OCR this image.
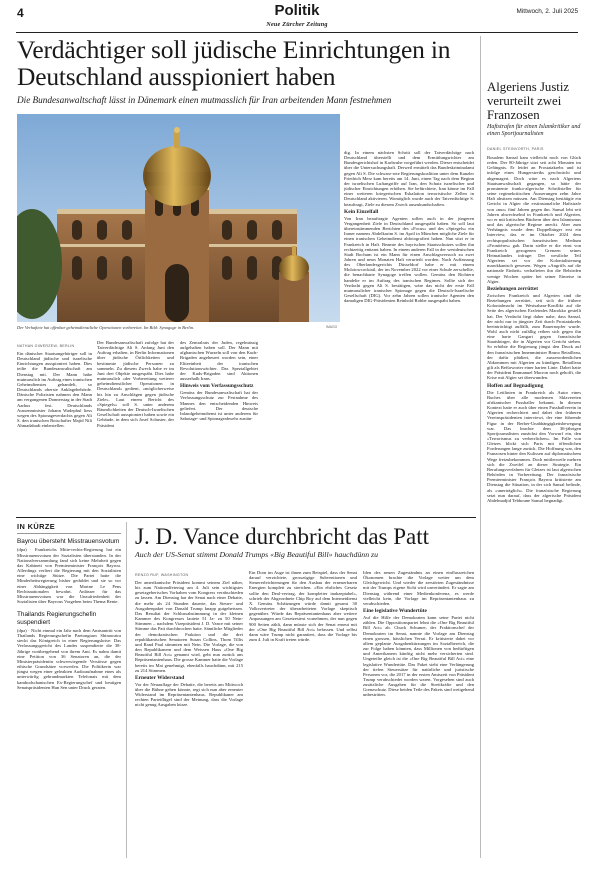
4	Politik
Neue Zürcher Zeitung
Mittwoch, 2. Juli 2025
Verdächtiger soll jüdische Einrichtungen in Deutschland ausspioniert haben
Die Bundesanwaltschaft lässt in Dänemark einen mutmasslich für Iran arbeitenden Mann festnehmen
Der Verhaftete hat offenbar geheimdienstliche Operationen vorbereitet. Im Bild: Synagoge in Berlin.	IMAGO
NATHAN GIWERZEW, BERLIN

Ein dänischer Staatsangehöriger soll in Deutschland jüdische und israelische Einrichtungen ausspioniert haben. Dies teilte die Bundesanwaltschaft am Dienstag mit. Der Mann habe mutmasslich im Auftrag eines iranischen Geheimdienstes gehandelt, so Deutschlands oberste Anklagebehörde. Dänische Polizisten nahmen den Mann am vergangenen Donnerstag in der Stadt Aarhus fest. Deutschlands Aussenminister Johann Wadephul liess wegen des Spionageverdachts gegen Ali S. den iranischen Botschafter Majid Nili Ahmadabadi einbestellen.

Der Bundesanwaltschaft zufolge hat der Tatverdächtige Ali S. Anfang Juni den Auftrag erhalten, in Berlin Informationen über jüdische Örtlichkeiten und bestimmte jüdische Personen zu sammeln. Zu diesem Zweck habe er im Juni drei Objekte ausgespäht. Dies habe mutmasslich «der Vorbereitung weiterer geheimdienstlicher Operationen in Deutschland» gedient, «möglicherweise bis hin zu Anschlägen gegen jüdische Ziele». Laut einem Bericht des «Spiegels» soll S. unter anderem Räumlichkeiten der Deutsch-Israelischen Gesellschaft ausspioniert haben sowie ein Gebäude, in dem sich Josef Schuster, der Präsident

des Zentralrats der Juden, regelmässig aufgehalten haben soll. Der Mann mit afghanischen Wurzeln soll von den Kuds-Brigaden angeheuert worden sein, einer Eliteeinheit der iranischen Revolutionswächter. Das Speziallgebiet der Kuds-Brigaden sind Aktionen ausserhalb Irans.

Hinweis vom Verfassungsschutz

Gemäss der Bundesanwaltschaft hat der Verfassungsschutz zur Festnahme des Mannes den entscheidenden Hinweis geliefert. Der deutsche Inlandgeheimdienst ist unter anderem für Sabotage- und Spionageabwehr zustän-

dig. In einem nächsten Schritt soll der Tatverdächtige nach Deutschland überstellt und dem Ermittlungsrichter am Bundesgerichtshof in Karlsruhe vorgeführt werden. Dieser entscheidet über die Untersuchungshaft. Derweil ermittelt das Bundeskriminalamt gegen Ali S. Die schwarz-rote Regierungskoalition unter dem Kanzler Friedrich Merz kam bereits am 14. Juni, einen Tag nach dem Beginn der israelischen Luftangriffe auf Iran, den Schutz israelischer und jüdischer Einrichtungen erhöhen. Sie befürchtete, Iran könne im Fall einer weiteren kriegerischen Eskalation terroristische Zellen in Deutschland aktivieren. Womöglich wurde auch der Tatverdächtige S. beauftragt, Ziele zu diesem Zweck auszukundschaften.

Kein Einzelfall

Von Iran beauftragte Agenten sollen auch in der jüngeren Vergangenheit Ziele in Deutschland ausgespäht haben. So soll laut übereinstimmenden Berichten des «Focus» und des «Spiegels» ein Iraner namens Abdelkarim S. im April in München mögliche Ziele für einen iranischen Geheimdienst abfotografiert haben. Nun sitzt er in Frankreich in Haft. Beamte des bayrischen Staatsschutzes sollen ihn rechtzeitig enttarnt haben. In einem anderen Fall in der westdeutschen Stadt Bochum ist ein Mann für einen Anschlagsversuch zu zwei Jahren und neun Monaten Haft verurteilt worden. Nach Auffassung des Oberlandesgerichts Düsseldorf habe er mit einem Molotowcocktail, der im November 2022 vor einer Schule zerschellte, die benachbarte Synagoge treffen wollen. Gemäss den Richtern handelte er im Auftrag des iranischen Regimes. Sollte sich der Verdacht gegen Ali S. bestätigen, wäre das nicht der erste Fall mutmasslicher iranischer Spionage gegen die Deutsch-Israelische Gesellschaft (DIG). Vor zehn Jahren sollen iranische Agenten den damaligen DIG-Präsidenten Reinhold Robbe ausgespäht haben.

Algeriens Justiz verurteilt zwei Franzosen
Haftstrafen für einen Islamkritiker und einen Sportjournalisten
DANIEL STEINVORTH, PARIS

Boualem Sansal kam vielleicht noch von Glück reden. Der 80-Jährige sitzt seit acht Monaten im Gefängnis. Er leidet an Prostatakrebs und ist infolge eines Hungerstreiks geschwächt und abgemagert. Doch wäre es nach Algeriens Staatsanwaltschaft gegangen, so hätte der prominente franko-algerische Schriftsteller für seine regimekritischen Äusserungen zehn Jahre Haft absitzen müssen. Am Dienstag bestätigte ein Gericht in Algier die erstinstanzliche Haftstrafe von «nur» fünf Jahren gegen ihn. Sansal lebt seit Jahren abwechselnd in Frankreich und Algerien, wo er mit kritischen Büchern über den Islamismus und das algerische Regime aneckt. Aber zum Verhängnis wurde dem Doppelbürger erst ein Interview, das er im Oktober 2024 dem rechtspopulistischen französischen Medium «Frontières» gab. Darin stellte er die einst von Frankreich gezogenen Grenzen seines Heimatlandes infrage: Der westliche Teil Algeriens sei vor der Kolonialisierung marokkanisch gewesen. Wegen «Angriffs auf die nationale Einheit» verhafteten ihn die Behörden wenige Wochen später bei seiner Einreise in Algier.

Beziehungen zerrüttet

Zwischen Frankreich und Algerien sind die Beziehungen zerrüttet, seit sich die frühere Kolonialmacht im Westsahara-Konflikt auf die Seite des algerischen Erzfeindes Marokko gestellt hat. Der Verdacht liegt daher nahe, dass Sansal, der nicht nur in jüngster Zeit durch Prostatakrebs beeinträchtigt auffällt, zum Bauernopfer wurde. Wohl auch nicht zufällig reihen sich gegen ihn eine harte Gangart gegen französische Staatsbürger, die in Algerien vor Gericht stehen. So erhöhte die Regierung jüngst den Druck auf den französischen Innenminister Bruno Retailleau, der dafür plädiert, die ausserordentlichen Abkommen mit Algerien zu kündigen. Retailleau gilt als Befürworter einer harten Linie. Dabei hatte der Präsident Emmanuel Macron noch gehofft, die Krise mit Algier sei überwunden.

Hoffen auf Begnadigung

Die Leitlinien in Frankreich als Autor eines Buches über alle modernen Sklavereien afrikanischer Fussballer bekannt. In diesem Kontext hatte er auch über einen Fussballverein in Algerien recherchiert und dabei den früheren Vereinspräsidenten interviewt, der eine führende Figur in der Berber-Unabhängigkeitsbewegung war. Das brachte dem 36-jährigen Sportjournalisten zunächst den Vorwurf ein, den «Terrorismus zu verherrlichen». Im Falle von Gleizes blickt sich Paris mit öffentlichen Forderungen lange zurück. Die Hoffnung war, den Franzosen hinter den Kulissen auf diplomatischem Wege freizubekommen. Doch mittlerweile mehren sich die Zweifel an dieser Strategie. Ein Berufungsverfahren für Gleizes ist laut algerischen Behörden in Vorbereitung. Der französische Premierminister François Bayrou kritisierte am Dienstag die Situation, in der sich Sansal befinde, als «unerträglich». Die französische Regierung setzt nun darauf, dass der algerische Präsident Abdelmadjid Tebboune Sansal begnadigt.

IN KÜRZE
Bayrou übersteht Misstrauensvotum
(dpa) · Frankreichs Mitte-rechts-Regierung hat ein Misstrauensvotum der Sozialisten überstanden. In der Nationalversammlung fand sich keine Mehrheit gegen das Kabinett von Premierminister François Bayrou. Allerdings verliert die Regierung mit den Sozialisten eine wichtige Stütze. Die Partei hatte die Minderheitsregierung bisher geduldet und sie so vor einer Abhängigkeit von Marine Le Pens Rechtsnationalen bewahrt. Anlässer für das Misstrauensvotum war die Unzufriedenheit der Sozialisten über Bayrous Vorgehen beim Thema Rente.
Thailands Regierungschefin suspendiert
(dpa) · Nicht einmal ein Jahr nach dem Amtsantritt von Thailands Regierungschefin Paetongtarn Shinawatra steckt das Königreich in einer Regierungskrise: Das Verfassungsgericht des Landes suspendierte die 38-Jährige vorübergehend von ihrem Amt. Es nahm damit eine Petition von 36 Senatoren an, die der Ministerpräsidentin schwerwiegende Verstösse gegen ethische Grundsätze vorwerfen. Die Politikerin war jüngst wegen einer geleakten Audioaufnahme eines als unterwürfig gebrandmarkten Telefonats mit dem kambodschanischen Ex-Regierungschef und heutigen Senatspräsidenten Hun Sen unter Druck geraten.
J. D. Vance durchbricht das Patt
Auch der US-Senat stimmt Donald Trumps «Big Beautiful Bill» hauchdünn zu
RENZO RUF, WASHINGTON

Der amerikanische Präsident kommt seinem Ziel näher, bis zum Nationalfeiertag am 4. Juli sein wichtigstes gesetzgeberisches Vorhaben vom Kongress verabschieden zu lassen. Am Dienstag hat der Senat nach einer Debatte, die mehr als 24 Stunden dauerte, das Steuer- und Ausgabenpaket von Donald Trump knapp gutgeheissen. Das Resultat der Schlussabstimmung in der kleinen Kammer des Kongresses lautete 51 Ja- zu 50 Nein-Stimmen – nachdem Vizepräsident J. D. Vance mit seiner Stimme das Patt durchbrochen hatte. Sämtliche Mitglieder der demokratischen Fraktion und die drei republikanischen Senatoren Susan Collins, Thom Tillis und Rand Paul stimmten mit Nein. Die Vorlage, die von den Republikanern und dem Weissen Haus «One Big Beautiful Bill Act» genannt wird, geht nun zurück ans Repräsentantenhaus. Die grosse Kammer hatte die Vorlage bereits im Mai genehmigt, ebenfalls hauchdünn, mit 215 zu 214 Stimmen.

Erneuter Widerstand

Vor der Neuauflage der Debatte, die bereits am Mittwoch über die Bühne gehen könnte, regt sich nun aber erneuter Widerstand im Repräsentantenhaus. Republikaner am rechten Parteiflügel sind der Meinung, dass die Vorlage nicht genug Ausgaben kürze.

Ein Dorn im Auge ist ihnen zum Beispiel, dass der Senat darauf verzichtete, grosszügige Subventionen und Steuererleichterungen für den Ausbau der erneuerbaren Energien komplett zu streichen. «Ein ehrliches Gesetz sollte den Deal-vertrag, der kompletter inakzeptabel», schrieb der Abgeordnete Chip Roy auf dem Internetdienst X. Gemäss Schätzungen würde damit gesamt 30 Volksvertreter der überarbeiteten Vorlage skeptisch gegenüber. Würde das Repräsentantenhaus aber weitere Anpassungen am Gesetzestext vornehmen, der nun gegen 900 Seiten zählt, dann müsste sich der Senat erneut mit der «One Big Beautiful Bill Act» befassen. Und selbst dann wäre Trump nicht garantiert, dass die Vorlage bis zum 4. Juli in Kraft treten würde.

Iden des neuen Zugeständnis an einen einflussreichen Ökonomen brachte die Vorlage weiter um dem Gleichgewicht. Und wieder die zerstörten Zugeständnisse mit der Trumps eigene Sicht wird unverändert. Er sagte am Dienstag während einer Medienkonferenz, es werde vielleicht kein, die Vorlage im Repräsentantenhaus zu verabschieden.

Eine legislative Wundertüte

Auf die Hilfe der Demokraten kann seine Partei nicht zählen. Die Oppositionspartei lehnt die «One Big Beautiful Bill Act» ab. Chuck Schumer, der Fraktionschef der Demokraten im Senat, nannte die Vorlage am Dienstag einen grossen, hässlichen Verrat. Er kritisierte dabei vor allem geplante Ausgabenkürzungen im Sozialbereich, die zur Folge haben könnten, dass Millionen von bedürftigen und Amerikanern künftig nicht mehr versicherten sind. Ungeteilte gleich ist die «One Big Beautiful Bill Act» eine legislative Wundertüte. Das Paket sieht eine Verlängerung der tiefen Steuersätze für natürliche und juristische Personen vor, die 2017 in der ersten Amtszeit von Präsident Trump verabschiedet worden waren. Vorgesehen sind auch zusätzliche Ausgaben für die Streitkräfte und den Grenzschutz. Diese beiden Teile des Pakets sind weitgehend unbestritten.
